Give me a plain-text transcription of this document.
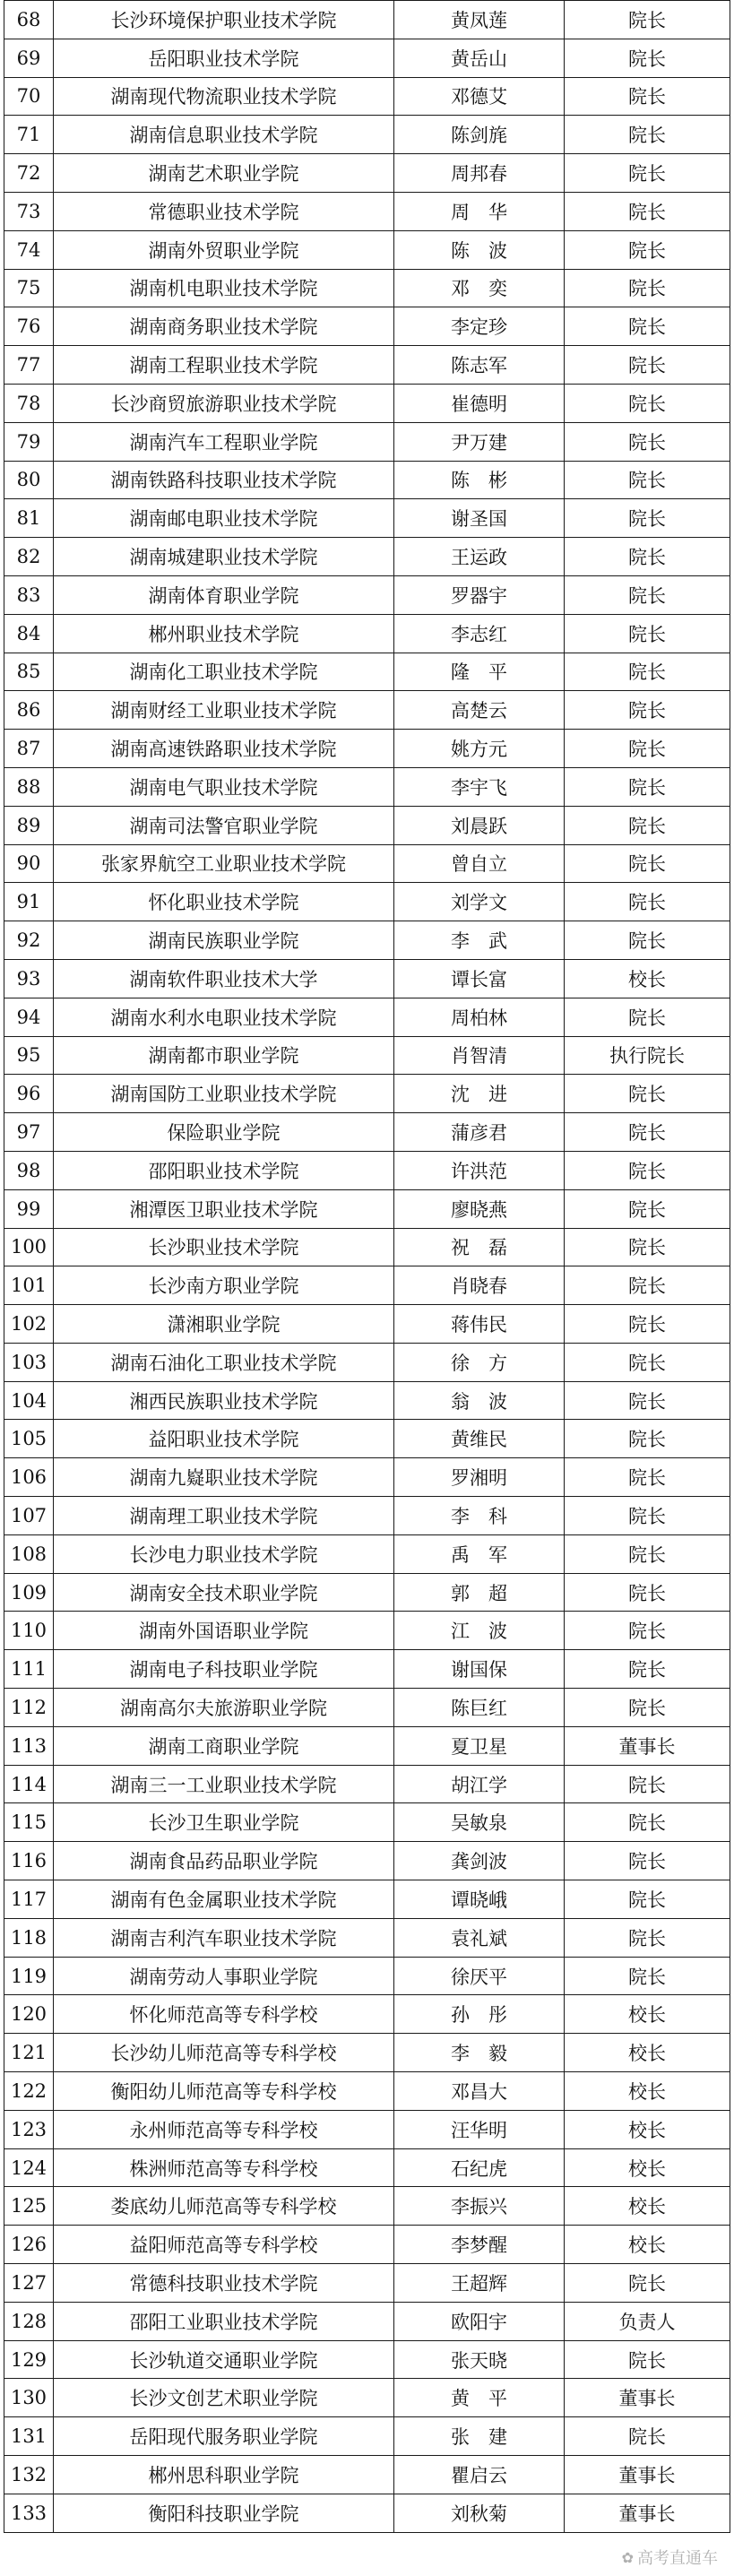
68	长沙环境保护职业技术学院	黄凤莲	院长
69	岳阳职业技术学院	黄岳山	院长
70	湖南现代物流职业技术学院	邓德艾	院长
71	湖南信息职业技术学院	陈剑旄	院长
72	湖南艺术职业学院	周邦春	院长
73	常德职业技术学院	周　华	院长
74	湖南外贸职业学院	陈　波	院长
75	湖南机电职业技术学院	邓　奕	院长
76	湖南商务职业技术学院	李定珍	院长
77	湖南工程职业技术学院	陈志军	院长
78	长沙商贸旅游职业技术学院	崔德明	院长
79	湖南汽车工程职业学院	尹万建	院长
80	湖南铁路科技职业技术学院	陈　彬	院长
81	湖南邮电职业技术学院	谢圣国	院长
82	湖南城建职业技术学院	王运政	院长
83	湖南体育职业学院	罗器宇	院长
84	郴州职业技术学院	李志红	院长
85	湖南化工职业技术学院	隆　平	院长
86	湖南财经工业职业技术学院	高楚云	院长
87	湖南高速铁路职业技术学院	姚方元	院长
88	湖南电气职业技术学院	李宇飞	院长
89	湖南司法警官职业学院	刘晨跃	院长
90	张家界航空工业职业技术学院	曾自立	院长
91	怀化职业技术学院	刘学文	院长
92	湖南民族职业学院	李　武	院长
93	湖南软件职业技术大学	谭长富	校长
94	湖南水利水电职业技术学院	周柏林	院长
95	湖南都市职业学院	肖智清	执行院长
96	湖南国防工业职业技术学院	沈　进	院长
97	保险职业学院	蒲彦君	院长
98	邵阳职业技术学院	许洪范	院长
99	湘潭医卫职业技术学院	廖晓燕	院长
100	长沙职业技术学院	祝　磊	院长
101	长沙南方职业学院	肖晓春	院长
102	潇湘职业学院	蒋伟民	院长
103	湖南石油化工职业技术学院	徐　方	院长
104	湘西民族职业技术学院	翁　波	院长
105	益阳职业技术学院	黄维民	院长
106	湖南九嶷职业技术学院	罗湘明	院长
107	湖南理工职业技术学院	李　科	院长
108	长沙电力职业技术学院	禹　军	院长
109	湖南安全技术职业学院	郭　超	院长
110	湖南外国语职业学院	江　波	院长
111	湖南电子科技职业学院	谢国保	院长
112	湖南高尔夫旅游职业学院	陈巨红	院长
113	湖南工商职业学院	夏卫星	董事长
114	湖南三一工业职业技术学院	胡江学	院长
115	长沙卫生职业学院	吴敏泉	院长
116	湖南食品药品职业学院	龚剑波	院长
117	湖南有色金属职业技术学院	谭晓峨	院长
118	湖南吉利汽车职业技术学院	袁礼斌	院长
119	湖南劳动人事职业学院	徐厌平	院长
120	怀化师范高等专科学校	孙　彤	校长
121	长沙幼儿师范高等专科学校	李　毅	校长
122	衡阳幼儿师范高等专科学校	邓昌大	校长
123	永州师范高等专科学校	汪华明	校长
124	株洲师范高等专科学校	石纪虎	校长
125	娄底幼儿师范高等专科学校	李振兴	校长
126	益阳师范高等专科学校	李梦醒	校长
127	常德科技职业技术学院	王超辉	院长
128	邵阳工业职业技术学院	欧阳宇	负责人
129	长沙轨道交通职业学院	张天晓	院长
130	长沙文创艺术职业学院	黄　平	董事长
131	岳阳现代服务职业学院	张　建	院长
132	郴州思科职业学院	瞿启云	董事长
133	衡阳科技职业学院	刘秋菊	董事长
✿ 高考直通车
